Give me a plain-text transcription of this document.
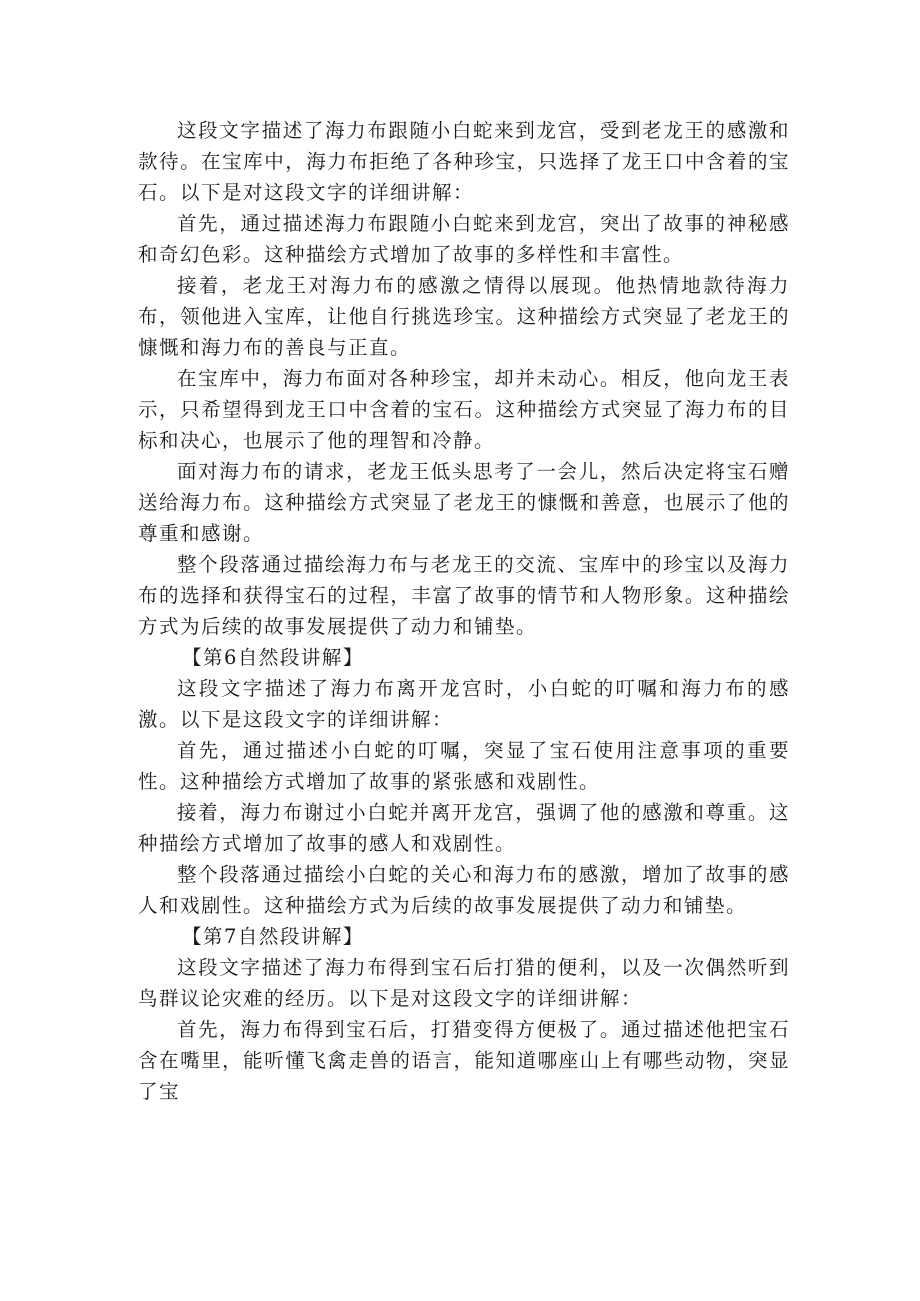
这段文字描述了海力布跟随小白蛇来到龙宫，受到老龙王的感激和款待。在宝库中，海力布拒绝了各种珍宝，只选择了龙王口中含着的宝石。以下是对这段文字的详细讲解：

首先，通过描述海力布跟随小白蛇来到龙宫，突出了故事的神秘感和奇幻色彩。这种描绘方式增加了故事的多样性和丰富性。

接着，老龙王对海力布的感激之情得以展现。他热情地款待海力布，领他进入宝库，让他自行挑选珍宝。这种描绘方式突显了老龙王的慷慨和海力布的善良与正直。

在宝库中，海力布面对各种珍宝，却并未动心。相反，他向龙王表示，只希望得到龙王口中含着的宝石。这种描绘方式突显了海力布的目标和决心，也展示了他的理智和冷静。

面对海力布的请求，老龙王低头思考了一会儿，然后决定将宝石赠送给海力布。这种描绘方式突显了老龙王的慷慨和善意，也展示了他的尊重和感谢。

整个段落通过描绘海力布与老龙王的交流、宝库中的珍宝以及海力布的选择和获得宝石的过程，丰富了故事的情节和人物形象。这种描绘方式为后续的故事发展提供了动力和铺垫。

【第6自然段讲解】

这段文字描述了海力布离开龙宫时，小白蛇的叮嘱和海力布的感激。以下是这段文字的详细讲解：

首先，通过描述小白蛇的叮嘱，突显了宝石使用注意事项的重要性。这种描绘方式增加了故事的紧张感和戏剧性。

接着，海力布谢过小白蛇并离开龙宫，强调了他的感激和尊重。这种描绘方式增加了故事的感人和戏剧性。

整个段落通过描绘小白蛇的关心和海力布的感激，增加了故事的感人和戏剧性。这种描绘方式为后续的故事发展提供了动力和铺垫。

【第7自然段讲解】

这段文字描述了海力布得到宝石后打猎的便利，以及一次偶然听到鸟群议论灾难的经历。以下是对这段文字的详细讲解：

首先，海力布得到宝石后，打猎变得方便极了。通过描述他把宝石含在嘴里，能听懂飞禽走兽的语言，能知道哪座山上有哪些动物，突显了宝
